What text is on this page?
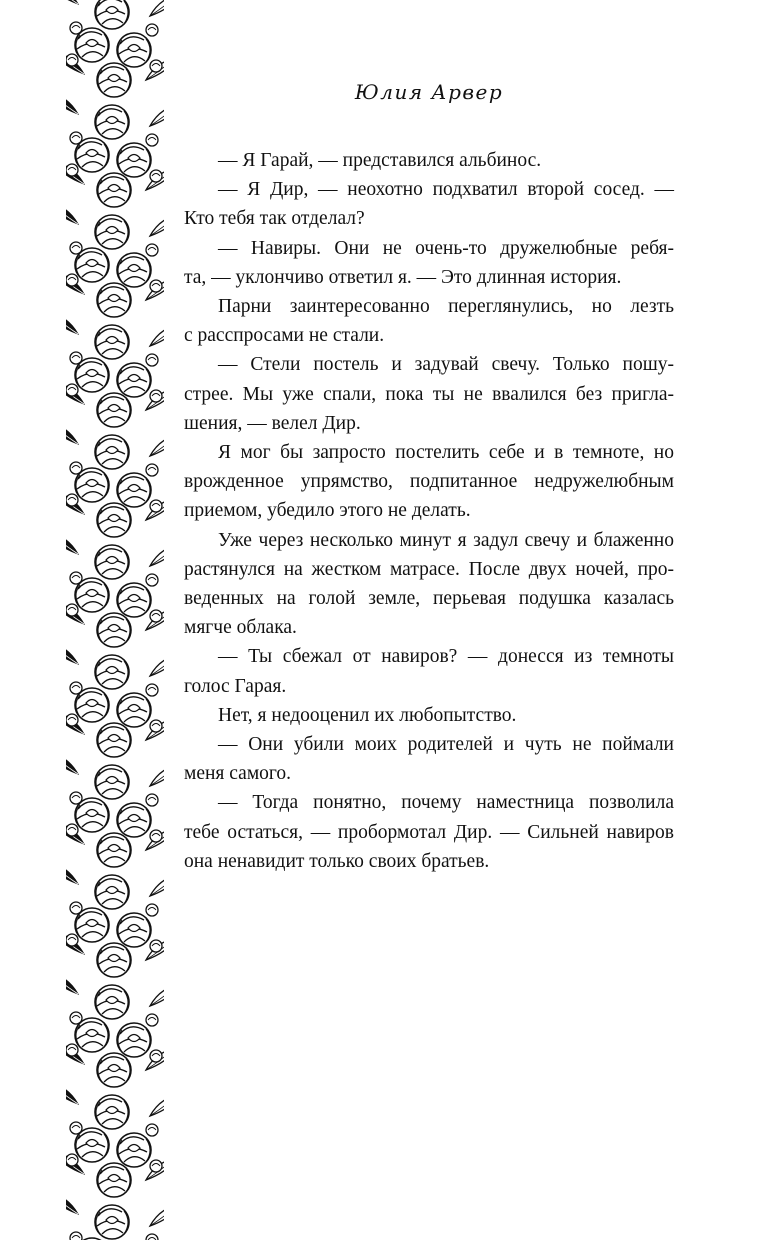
Юлия Арвер

— Я Гарай, — представился альбинос.

— Я Дир, — неохотно подхватил второй сосед. —
Кто тебя так отделал?

— Навиры. Они не очень-то дружелюбные ребя-
та, — уклончиво ответил я. — Это длинная история.

Парни заинтересованно переглянулись, но лезть
с расспросами не стали.

— Стели постель и задувай свечу. Только пошу-
стрее. Мы уже спали, пока ты не ввалился без пригла-
шения, — велел Дир.

Я мог бы запросто постелить себе и в темноте, но
врожденное упрямство, подпитанное недружелюбным
приемом, убедило этого не делать.

Уже через несколько минут я задул свечу и блаженно
растянулся на жестком матрасе. После двух ночей, про-
веденных на голой земле, перьевая подушка казалась
мягче облака.

— Ты сбежал от навиров? — донесся из темноты
голос Гарая.

Нет, я недооценил их любопытство.

— Они убили моих родителей и чуть не поймали
меня самого.

— Тогда понятно, почему наместница позволила
тебе остаться, — пробормотал Дир. — Сильней навиров
она ненавидит только своих братьев.
